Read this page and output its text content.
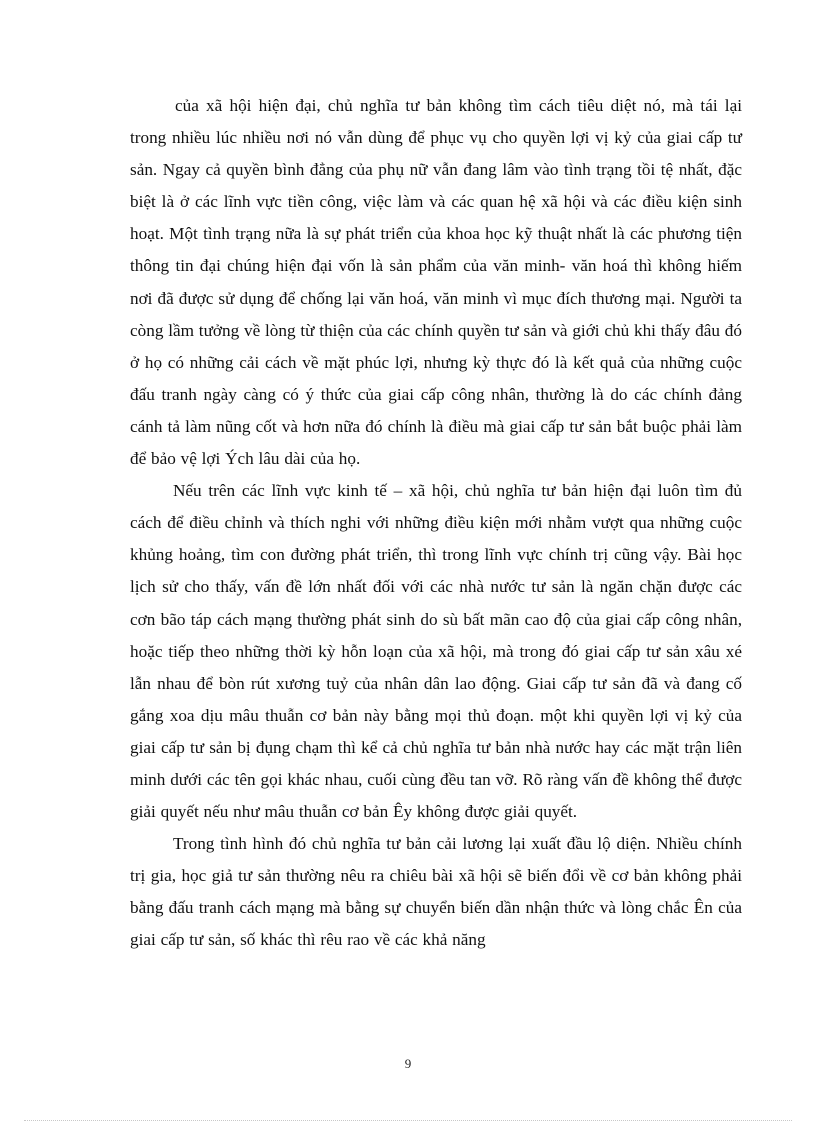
của xã hội hiện đại, chủ nghĩa tư bản không tìm cách tiêu diệt nó, mà tái lại trong nhiều lúc nhiều nơi nó vẫn dùng để phục vụ cho quyền lợi vị kỷ của giai cấp tư sản. Ngay cả quyền bình đẳng của phụ nữ vẫn đang lâm vào tình trạng tồi tệ nhất, đặc biệt là ở các lĩnh vực tiền công, việc làm và các quan hệ xã hội và các điều kiện sinh hoạt. Một tình trạng nữa là sự phát triển của khoa học kỹ thuật nhất là các phương tiện thông tin đại chúng hiện đại vốn là sản phẩm của văn minh- văn hoá thì không hiếm nơi đã được sử dụng để chống lại văn hoá, văn minh vì mục đích thương mại. Người ta còng lầm tưởng về lòng từ thiện của các chính quyền tư sản và giới chủ khi thấy đâu đó ở họ có những cải cách về mặt phúc lợi, nhưng kỳ thực đó là kết quả của những cuộc đấu tranh ngày càng có ý thức của giai cấp công nhân, thường là do các chính đảng cánh tả làm nũng cốt và hơn nữa đó chính là điều mà giai cấp tư sản bắt buộc phải làm để bảo vệ lợi Ých lâu dài của họ.

Nếu trên các lĩnh vực kinh tế – xã hội, chủ nghĩa tư bản hiện đại luôn tìm đủ cách để điều chỉnh và thích nghi với những điều kiện mới nhằm vượt qua những cuộc khủng hoảng, tìm con đường phát triển, thì trong lĩnh vực chính trị cũng vậy. Bài học lịch sử cho thấy, vấn đề lớn nhất đối với các nhà nước tư sản là ngăn chặn được các cơn bão táp cách mạng thường phát sinh do sù bất mãn cao độ của giai cấp công nhân, hoặc tiếp theo những thời kỳ hỗn loạn của xã hội, mà trong đó giai cấp tư sản xâu xé lẫn nhau để bòn rút xương tuỷ của nhân dân lao động. Giai cấp tư sản đã và đang cố gắng xoa dịu mâu thuẫn cơ bản này bằng mọi thủ đoạn. một khi quyền lợi vị kỷ của giai cấp tư sản bị đụng chạm thì kể cả chủ nghĩa tư bản nhà nước hay các mặt trận liên minh dưới các tên gọi khác nhau, cuối cùng đều tan vỡ. Rõ ràng vấn đề không thể được giải quyết nếu như mâu thuẫn cơ bản Êy không được giải quyết.

Trong tình hình đó chủ nghĩa tư bản cải lương lại xuất đầu lộ diện. Nhiều chính trị gia, học giả tư sản thường nêu ra chiêu bài xã hội sẽ biến đổi về cơ bản không phải bằng đấu tranh cách mạng mà bằng sự chuyển biến dần nhận thức và lòng chắc Ên của giai cấp tư sản, số khác thì rêu rao về các khả năng

9
